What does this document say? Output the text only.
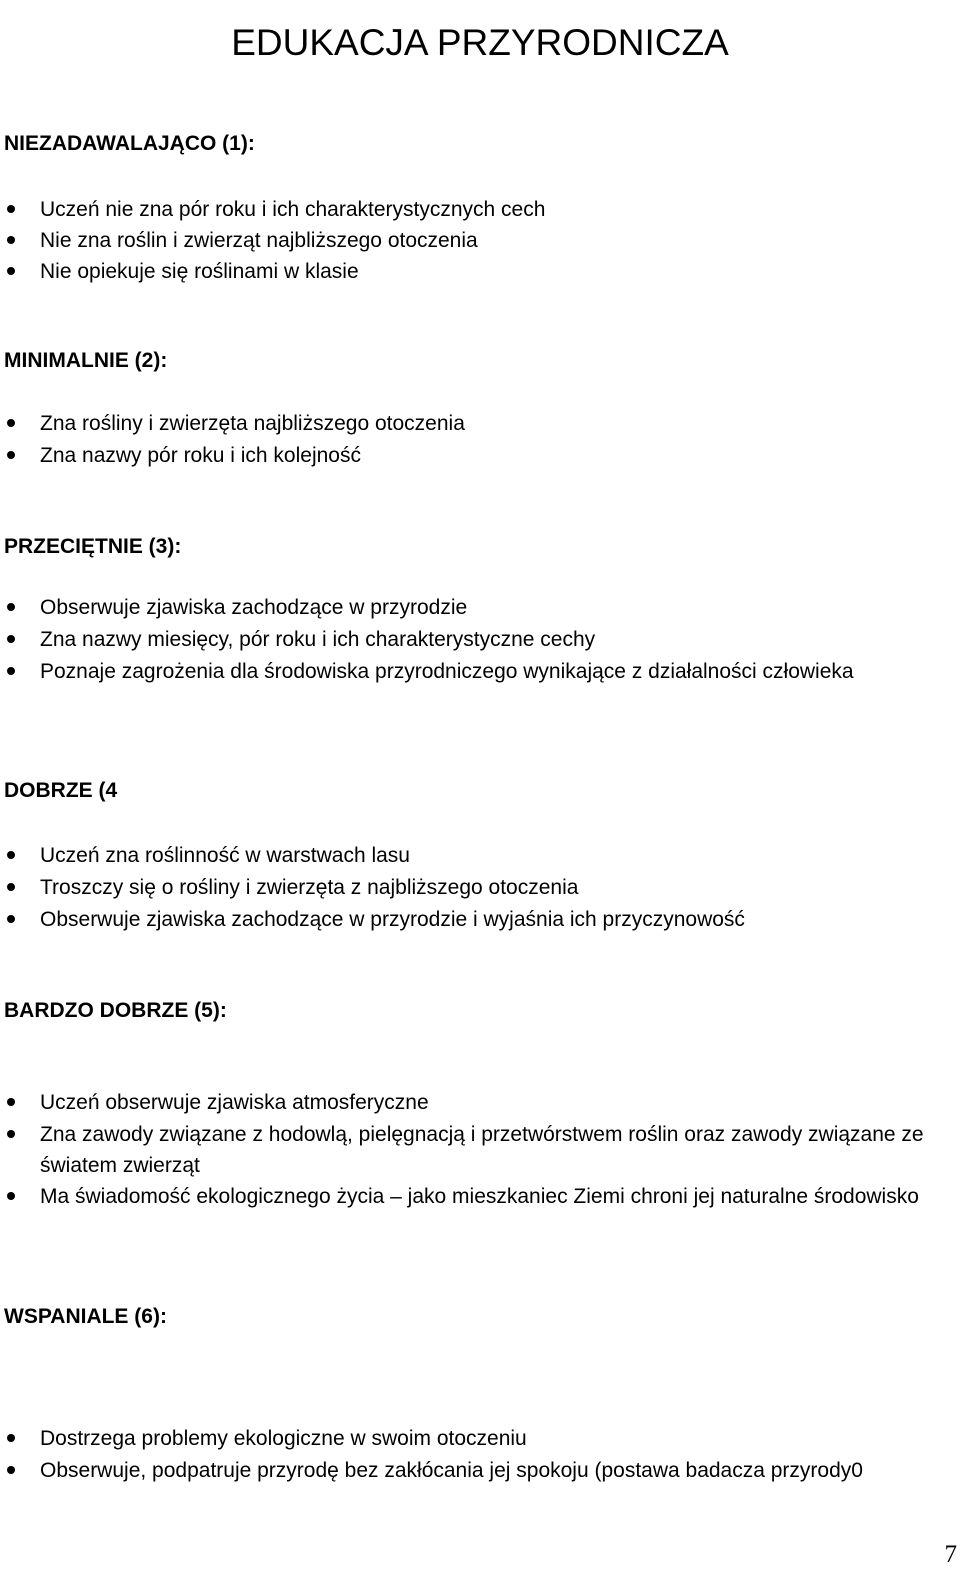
EDUKACJA PRZYRODNICZA
NIEZADAWALAJĄCO (1):
Uczeń nie zna pór roku i ich charakterystycznych cech
Nie zna roślin i zwierząt najbliższego otoczenia
Nie opiekuje się roślinami w klasie
MINIMALNIE (2):
Zna rośliny i zwierzęta najbliższego otoczenia
Zna nazwy pór roku i ich kolejność
PRZECIĘTNIE (3):
Obserwuje zjawiska zachodzące w przyrodzie
Zna nazwy miesięcy, pór roku i ich charakterystyczne cechy
Poznaje zagrożenia dla środowiska przyrodniczego wynikające z działalności człowieka
DOBRZE (4
Uczeń zna roślinność w warstwach lasu
Troszczy się o rośliny i zwierzęta z najbliższego otoczenia
Obserwuje zjawiska zachodzące w przyrodzie i wyjaśnia ich przyczynowość
BARDZO DOBRZE (5):
Uczeń obserwuje zjawiska atmosferyczne
Zna zawody związane z hodowlą, pielęgnacją i przetwórstwem roślin oraz zawody związane ze światem zwierząt
Ma świadomość ekologicznego życia – jako mieszkaniec Ziemi chroni jej naturalne środowisko
WSPANIALE (6):
Dostrzega problemy ekologiczne w swoim otoczeniu
Obserwuje, podpatruje przyrodę bez zakłócania jej spokoju (postawa badacza przyrody0
7
